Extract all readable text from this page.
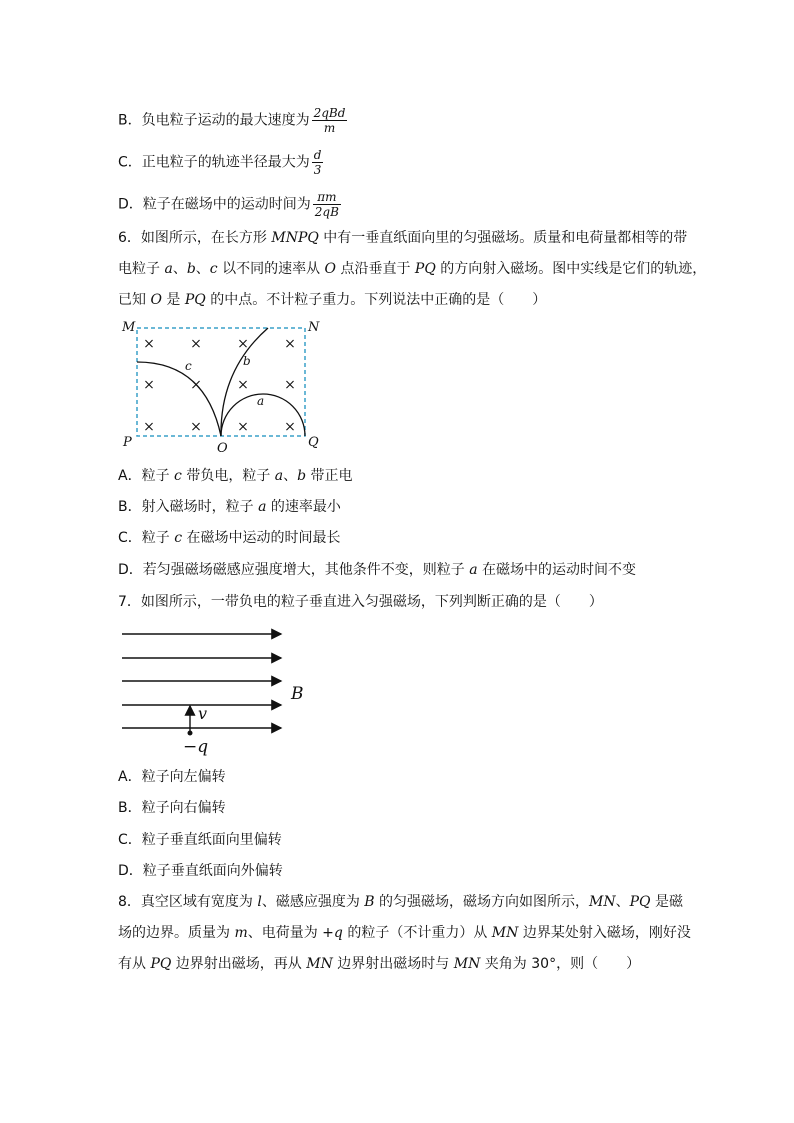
B．负电粒子运动的最大速度为 $\frac{\text{2qBd}}{m}$
C．正电粒子的轨迹半径最大为 $\frac{d}{3}$
D．粒子在磁场中的运动时间为 $\frac{\pi m}{2qB}$
6．如图所示，在长方形 MNPQ 中有一垂直纸面向里的匀强磁场。质量和电荷量都相等的带
电粒子 a、b、c 以不同的速率从 O 点沿垂直于 PQ 的方向射入磁场。图中实线是它们的轨迹，
已知 O 是 PQ 的中点。不计粒子重力。下列说法中正确的是（　　）
×	×	×	×
×	×	×	×
×	×	×	×
M	N
P	Q
O
c	b
a
A．粒子 c 带负电，粒子 a、b 带正电
B．射入磁场时，粒子 a 的速率最小
C．粒子 c 在磁场中运动的时间最长
D．若匀强磁场磁感应强度增大，其他条件不变，则粒子 a 在磁场中的运动时间不变
7．如图所示，一带负电的粒子垂直进入匀强磁场，下列判断正确的是（　　）
B
v
−q
A．粒子向左偏转
B．粒子向右偏转
C．粒子垂直纸面向里偏转
D．粒子垂直纸面向外偏转
8．真空区域有宽度为 l、磁感应强度为 B 的匀强磁场，磁场方向如图所示，MN、PQ 是磁
场的边界。质量为 m、电荷量为 +q 的粒子（不计重力）从 MN 边界某处射入磁场，刚好没
有从 PQ 边界射出磁场，再从 MN 边界射出磁场时与 MN 夹角为 30°，则（　　）
